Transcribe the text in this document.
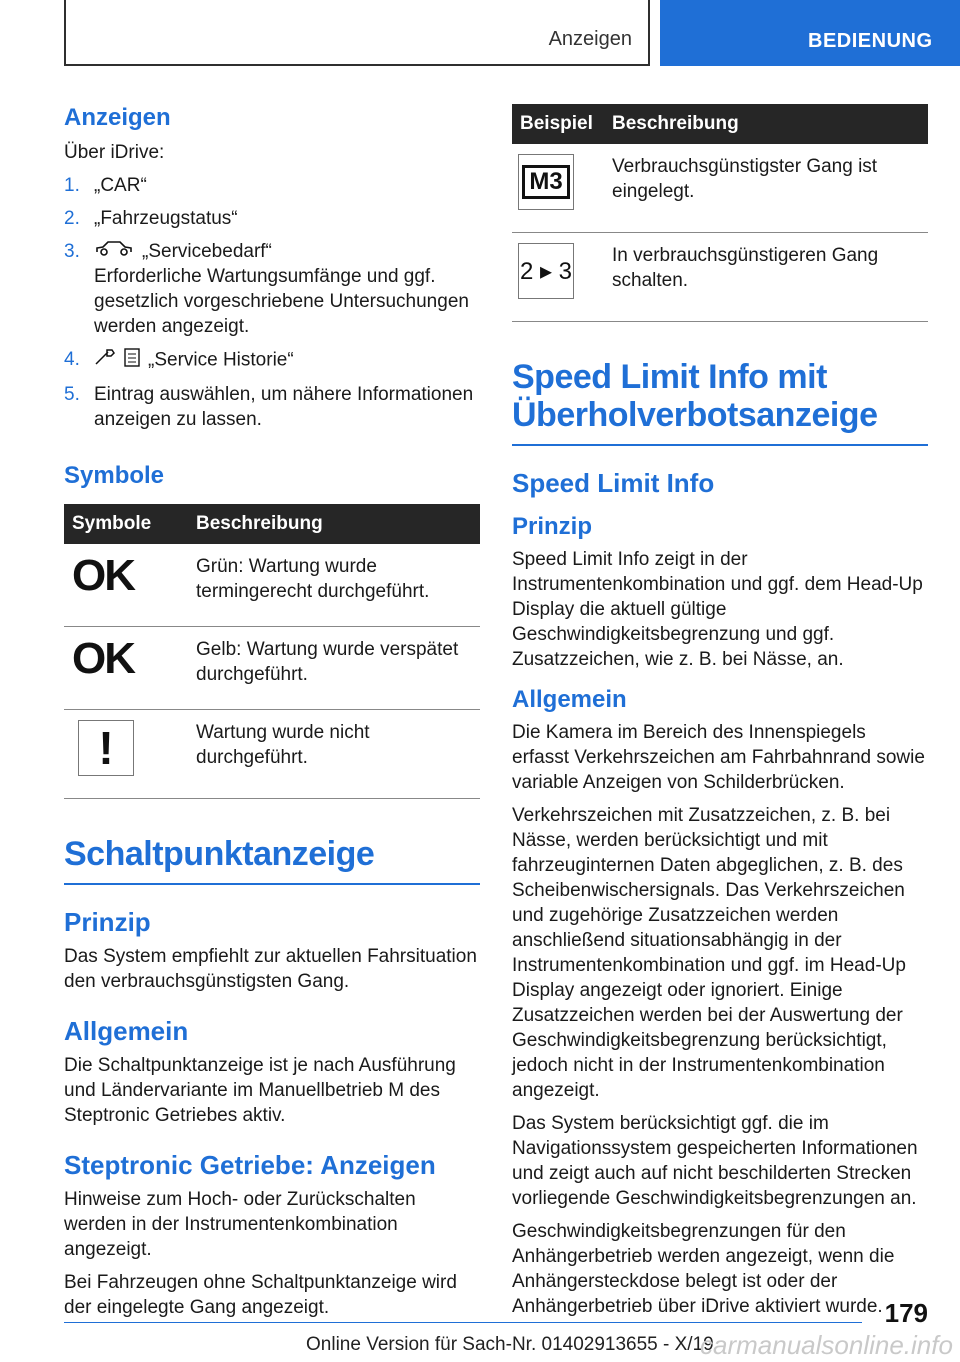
Anzeigen	BEDIENUNG
Anzeigen

Über iDrive:

1. „CAR“
2. „Fahrzeugstatus“
3.	„Servicebedarf“
Erforderliche Wartungsumfänge und ggf. gesetzlich vorgeschriebene Untersuchungen werden angezeigt.
4.	„Service Historie“
5. Eintrag auswählen, um nähere Informationen anzeigen zu lassen.
Symbole
Symbole	Beschreibung
OK	Grün: Wartung wurde termingerecht durchgeführt.
OK	Gelb: Wartung wurde verspätet durchgeführt.

!	Wartung wurde nicht durchgeführt.
Schaltpunktanzeige
Prinzip

Das System empfiehlt zur aktuellen Fahrsituation den verbrauchsgünstigsten Gang.

Allgemein

Die Schaltpunktanzeige ist je nach Ausführung und Ländervariante im Manuellbetrieb M des Steptronic Getriebes aktiv.

Steptronic Getriebe: Anzeigen

Hinweise zum Hoch- oder Zurückschalten werden in der Instrumentenkombination angezeigt.

Bei Fahrzeugen ohne Schaltpunktanzeige wird der eingelegte Gang angezeigt.

Beispiel	Beschreibung

M3	Verbrauchsgünstigster Gang ist eingelegt.

2 ▸ 3	In verbrauchsgünstigeren Gang schalten.
Speed Limit Info mit Überholverbotsanzeige
Speed Limit Info
Prinzip

Speed Limit Info zeigt in der Instrumentenkombination und ggf. dem Head-Up Display die aktuell gültige Geschwindigkeitsbegrenzung und ggf. Zusatzzeichen, wie z. B. bei Nässe, an.

Allgemein

Die Kamera im Bereich des Innenspiegels erfasst Verkehrszeichen am Fahrbahnrand sowie variable Anzeigen von Schilderbrücken.

Verkehrszeichen mit Zusatzzeichen, z. B. bei Nässe, werden berücksichtigt und mit fahrzeuginternen Daten abgeglichen, z. B. des Scheibenwischersignals. Das Verkehrszeichen und zugehörige Zusatzzeichen werden anschließend situationsabhängig in der Instrumentenkombination und ggf. im Head-Up Display angezeigt oder ignoriert. Einige Zusatzzeichen werden bei der Auswertung der Geschwindigkeitsbegrenzung berücksichtigt, jedoch nicht in der Instrumentenkombination angezeigt.

Das System berücksichtigt ggf. die im Navigationssystem gespeicherten Informationen und zeigt auch auf nicht beschilderten Strecken vorliegende Geschwindigkeitsbegrenzungen an.

Geschwindigkeitsbegrenzungen für den Anhängerbetrieb werden angezeigt, wenn die Anhängersteckdose belegt ist oder der Anhängerbetrieb über iDrive aktiviert wurde. 179
Online Version für Sach-Nr. 01402913655 - X/19
carmanualsonline.info
